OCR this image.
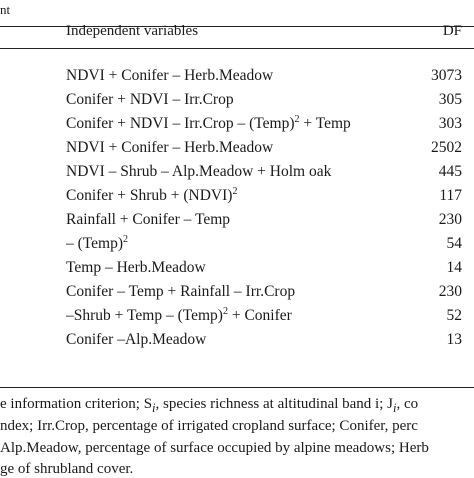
nt
Independent variables	DF
NDVI + Conifer – Herb.Meadow	3073
Conifer + NDVI – Irr.Crop	305
Conifer + NDVI – Irr.Crop – (Temp)$^2$ + Temp	303
NDVI + Conifer – Herb.Meadow	2502
NDVI – Shrub – Alp.Meadow + Holm oak	445
Conifer + Shrub + (NDVI)$^2$	117
Rainfall + Conifer – Temp	230
– (Temp)$^2$	54
Temp – Herb.Meadow	14
Conifer – Temp + Rainfall – Irr.Crop	230
–Shrub + Temp – (Temp)$^2$ + Conifer	52
Conifer –Alp.Meadow	13
e information criterion; $S_i$, species richness at altitudinal band i; $J_i$, co
ndex; Irr.Crop, percentage of irrigated cropland surface; Conifer, perc
Alp.Meadow, percentage of surface occupied by alpine meadows; Herb
ge of shrubland cover.
